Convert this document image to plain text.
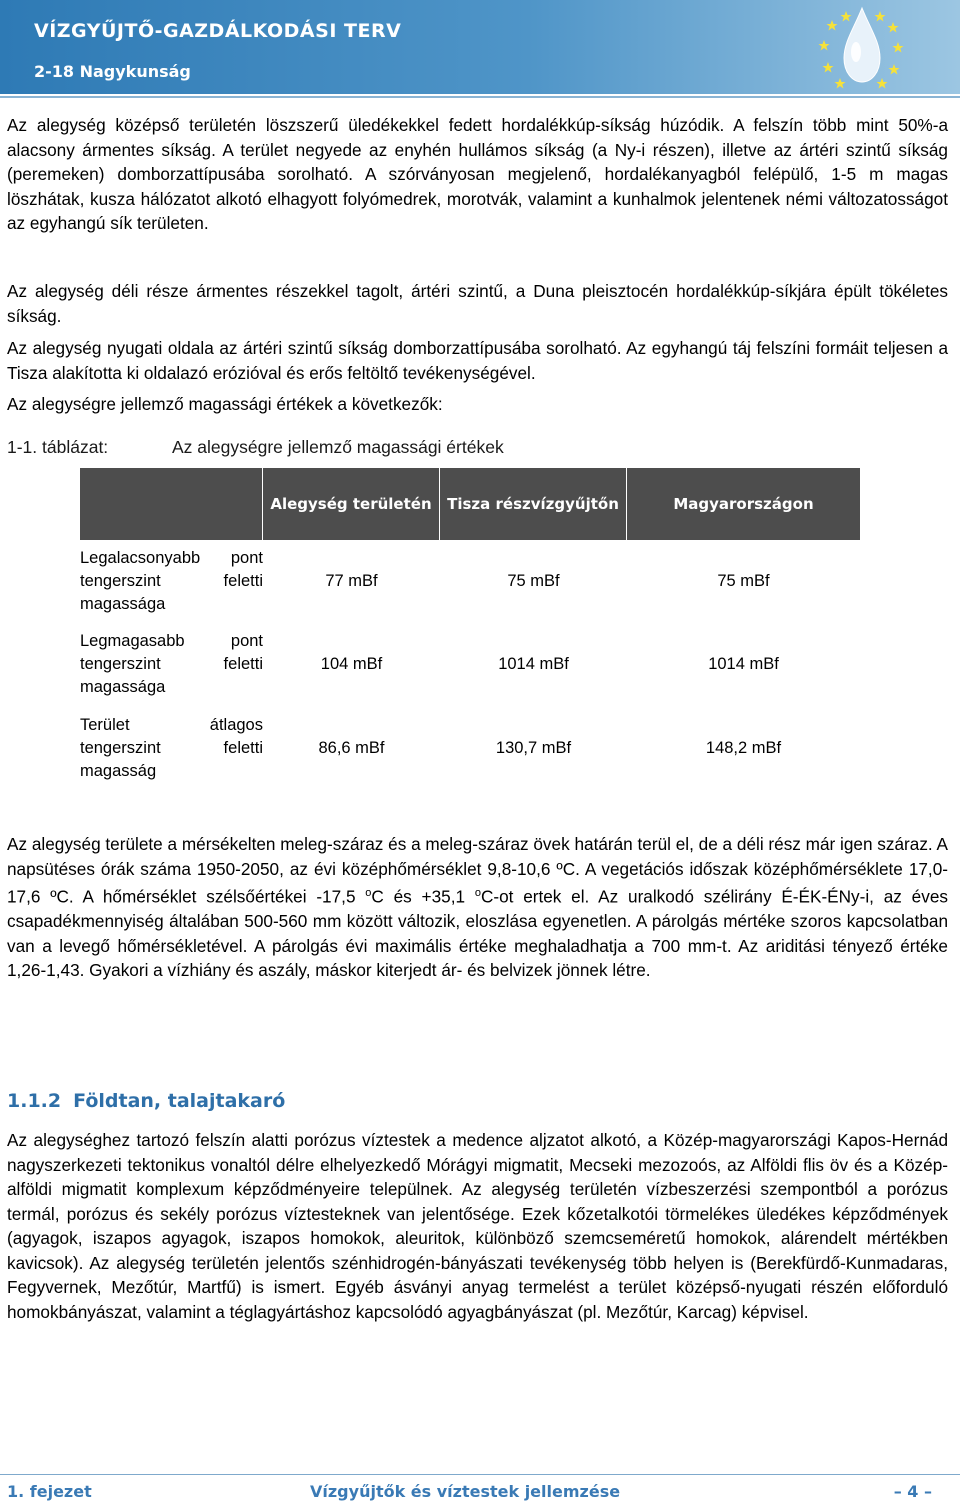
VÍZGYŰJTŐ-GAZDÁLKODÁSI TERV
2-18 Nagykunság

Az alegység középső területén löszszerű üledékekkel fedett hordalékkúp-síkság húzódik. A felszín több mint 50%-a alacsony ármentes síkság. A terület negyede az enyhén hullámos síkság (a Ny-i részen), illetve az ártéri szintű síkság (peremeken) domborzattípusába sorolható. A szórványosan megjelenő, hordalékanyagból felépülő, 1-5 m magas löszhátak, kusza hálózatot alkotó elhagyott folyómedrek, morotvák, valamint a kunhalmok jelentenek némi változatosságot az egyhangú sík területen.

Az alegység déli része ármentes részekkel tagolt, ártéri szintű, a Duna pleisztocén hordalékkúp-síkjára épült tökéletes síkság.

Az alegység nyugati oldala az ártéri szintű síkság domborzattípusába sorolható. Az egyhangú táj felszíni formáit teljesen a Tisza alakította ki oldalazó erózióval és erős feltöltő tevékenységével.

Az alegységre jellemző magassági értékek a következők:

1-1. táblázat:	Az alegységre jellemző magassági értékek

	Alegység területén	Tisza részvízgyűjtőn	Magyarországon

Legalacsonyabb pont tengerszint feletti magassága	77 mBf	75 mBf	75 mBf

Legmagasabb pont tengerszint feletti magassága	104 mBf	1014 mBf	1014 mBf

Terület átlagos tengerszint feletti magasság	86,6 mBf	130,7 mBf	148,2 mBf

Az alegység területe a mérsékelten meleg-száraz és a meleg-száraz övek határán terül el, de a déli rész már igen száraz. A napsütéses órák száma 1950-2050, az évi középhőmérséklet 9,8-10,6 ºC. A vegetációs időszak középhőmérséklete 17,0-17,6 ºC. A hőmérséklet szélsőértékei -17,5 $^o$C és +35,1 $^o$C-ot ertek el. Az uralkodó szélirány É-ÉK-ÉNy-i, az éves csapadékmennyiség általában 500-560 mm között változik, eloszlása egyenetlen. A párolgás mértéke szoros kapcsolatban van a levegő hőmérsékletével. A párolgás évi maximális értéke meghaladhatja a 700 mm-t. Az ariditási tényező értéke 1,26-1,43. Gyakori a vízhiány és aszály, máskor kiterjedt ár- és belvizek jönnek létre.

1.1.2 Földtan, talajtakaró

Az alegységhez tartozó felszín alatti porózus víztestek a medence aljzatot alkotó, a Közép-magyarországi Kapos-Hernád nagyszerkezeti tektonikus vonaltól délre elhelyezkedő Mórágyi migmatit, Mecseki mezozoós, az Alföldi flis öv és a Közép-alföldi migmatit komplexum képződményeire települnek. Az alegység területén vízbeszerzési szempontból a porózus termál, porózus és sekély porózus víztesteknek van jelentősége. Ezek kőzetalkotói törmelékes üledékes képződmények (agyagok, iszapos agyagok, iszapos homokok, aleuritok, különböző szemcseméretű homokok, alárendelt mértékben kavicsok). Az alegység területén jelentős szénhidrogén-bányászati tevékenység több helyen is (Berekfürdő-Kunmadaras, Fegyvernek, Mezőtúr, Martfű) is ismert. Egyéb ásványi anyag termelést a terület középső-nyugati részén előforduló homokbányászat, valamint a téglagyártáshoz kapcsolódó agyagbányászat (pl. Mezőtúr, Karcag) képvisel.

1. fejezet	Vízgyűjtők és víztestek jellemzése	– 4 –
